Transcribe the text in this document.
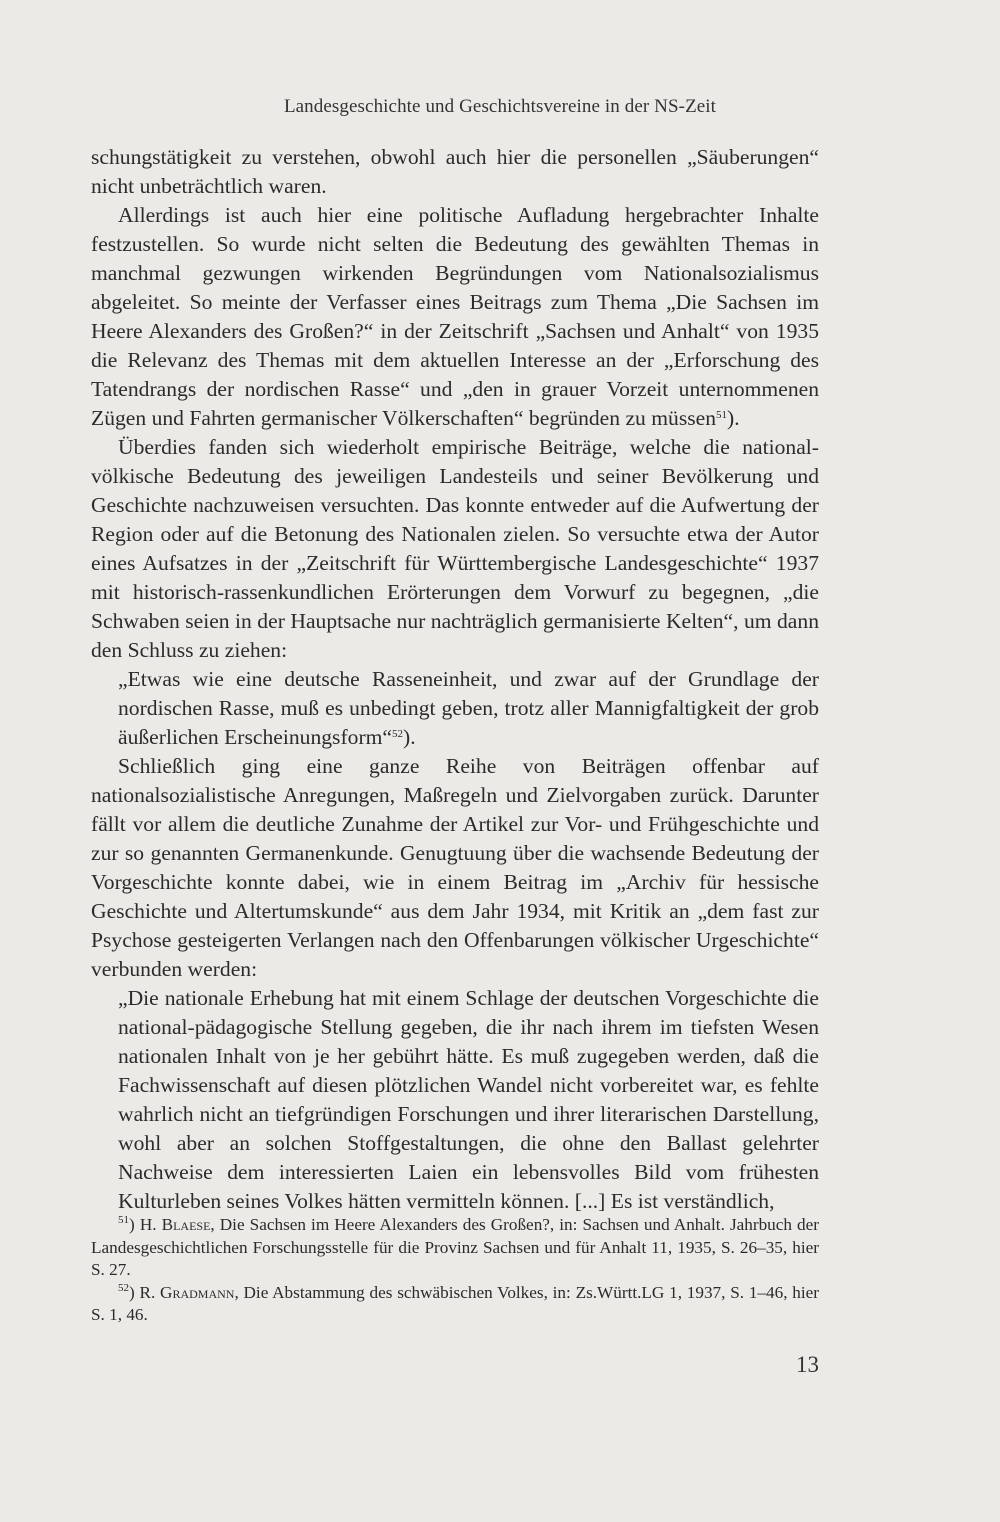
Landesgeschichte und Geschichtsvereine in der NS-Zeit

schungstätigkeit zu verstehen, obwohl auch hier die personellen „Säuberungen“ nicht unbeträchtlich waren.

Allerdings ist auch hier eine politische Aufladung hergebrachter Inhalte festzustellen. So wurde nicht selten die Bedeutung des gewählten Themas in manchmal gezwungen wirkenden Begründungen vom Nationalsozialismus abgeleitet. So meinte der Verfasser eines Beitrags zum Thema „Die Sachsen im Heere Alexanders des Großen?“ in der Zeitschrift „Sachsen und Anhalt“ von 1935 die Relevanz des Themas mit dem aktuellen Interesse an der „Erforschung des Tatendrangs der nordischen Rasse“ und „den in grauer Vorzeit unternommenen Zügen und Fahrten germanischer Völkerschaften“ begründen zu müssen$^{51}$).

Überdies fanden sich wiederholt empirische Beiträge, welche die national-völkische Bedeutung des jeweiligen Landesteils und seiner Bevölkerung und Geschichte nachzuweisen versuchten. Das konnte entweder auf die Aufwertung der Region oder auf die Betonung des Nationalen zielen. So versuchte etwa der Autor eines Aufsatzes in der „Zeitschrift für Württembergische Landesgeschichte“ 1937 mit historisch-rassenkundlichen Erörterungen dem Vorwurf zu begegnen, „die Schwaben seien in der Hauptsache nur nachträglich germanisierte Kelten“, um dann den Schluss zu ziehen:

„Etwas wie eine deutsche Rasseneinheit, und zwar auf der Grundlage der nordischen Rasse, muß es unbedingt geben, trotz aller Mannigfaltigkeit der grob äußerlichen Erscheinungsform“$^{52}$).

Schließlich ging eine ganze Reihe von Beiträgen offenbar auf nationalsozialistische Anregungen, Maßregeln und Zielvorgaben zurück. Darunter fällt vor allem die deutliche Zunahme der Artikel zur Vor- und Frühgeschichte und zur so genannten Germanenkunde. Genugtuung über die wachsende Bedeutung der Vorgeschichte konnte dabei, wie in einem Beitrag im „Archiv für hessische Geschichte und Altertumskunde“ aus dem Jahr 1934, mit Kritik an „dem fast zur Psychose gesteigerten Verlangen nach den Offenbarungen völkischer Urgeschichte“ verbunden werden:

„Die nationale Erhebung hat mit einem Schlage der deutschen Vorgeschichte die national-pädagogische Stellung gegeben, die ihr nach ihrem im tiefsten Wesen nationalen Inhalt von je her gebührt hätte. Es muß zugegeben werden, daß die Fachwissenschaft auf diesen plötzlichen Wandel nicht vorbereitet war, es fehlte wahrlich nicht an tiefgründigen Forschungen und ihrer literarischen Darstellung, wohl aber an solchen Stoffgestaltungen, die ohne den Ballast gelehrter Nachweise dem interessierten Laien ein lebensvolles Bild vom frühesten Kulturleben seines Volkes hätten vermitteln können. [...] Es ist verständlich,

$^{51}$) H. Blaese, Die Sachsen im Heere Alexanders des Großen?, in: Sachsen und Anhalt. Jahrbuch der Landesgeschichtlichen Forschungsstelle für die Provinz Sachsen und für Anhalt 11, 1935, S. 26–35, hier S. 27.

$^{52}$) R. Gradmann, Die Abstammung des schwäbischen Volkes, in: Zs.Württ.LG 1, 1937, S. 1–46, hier S. 1, 46.

13
